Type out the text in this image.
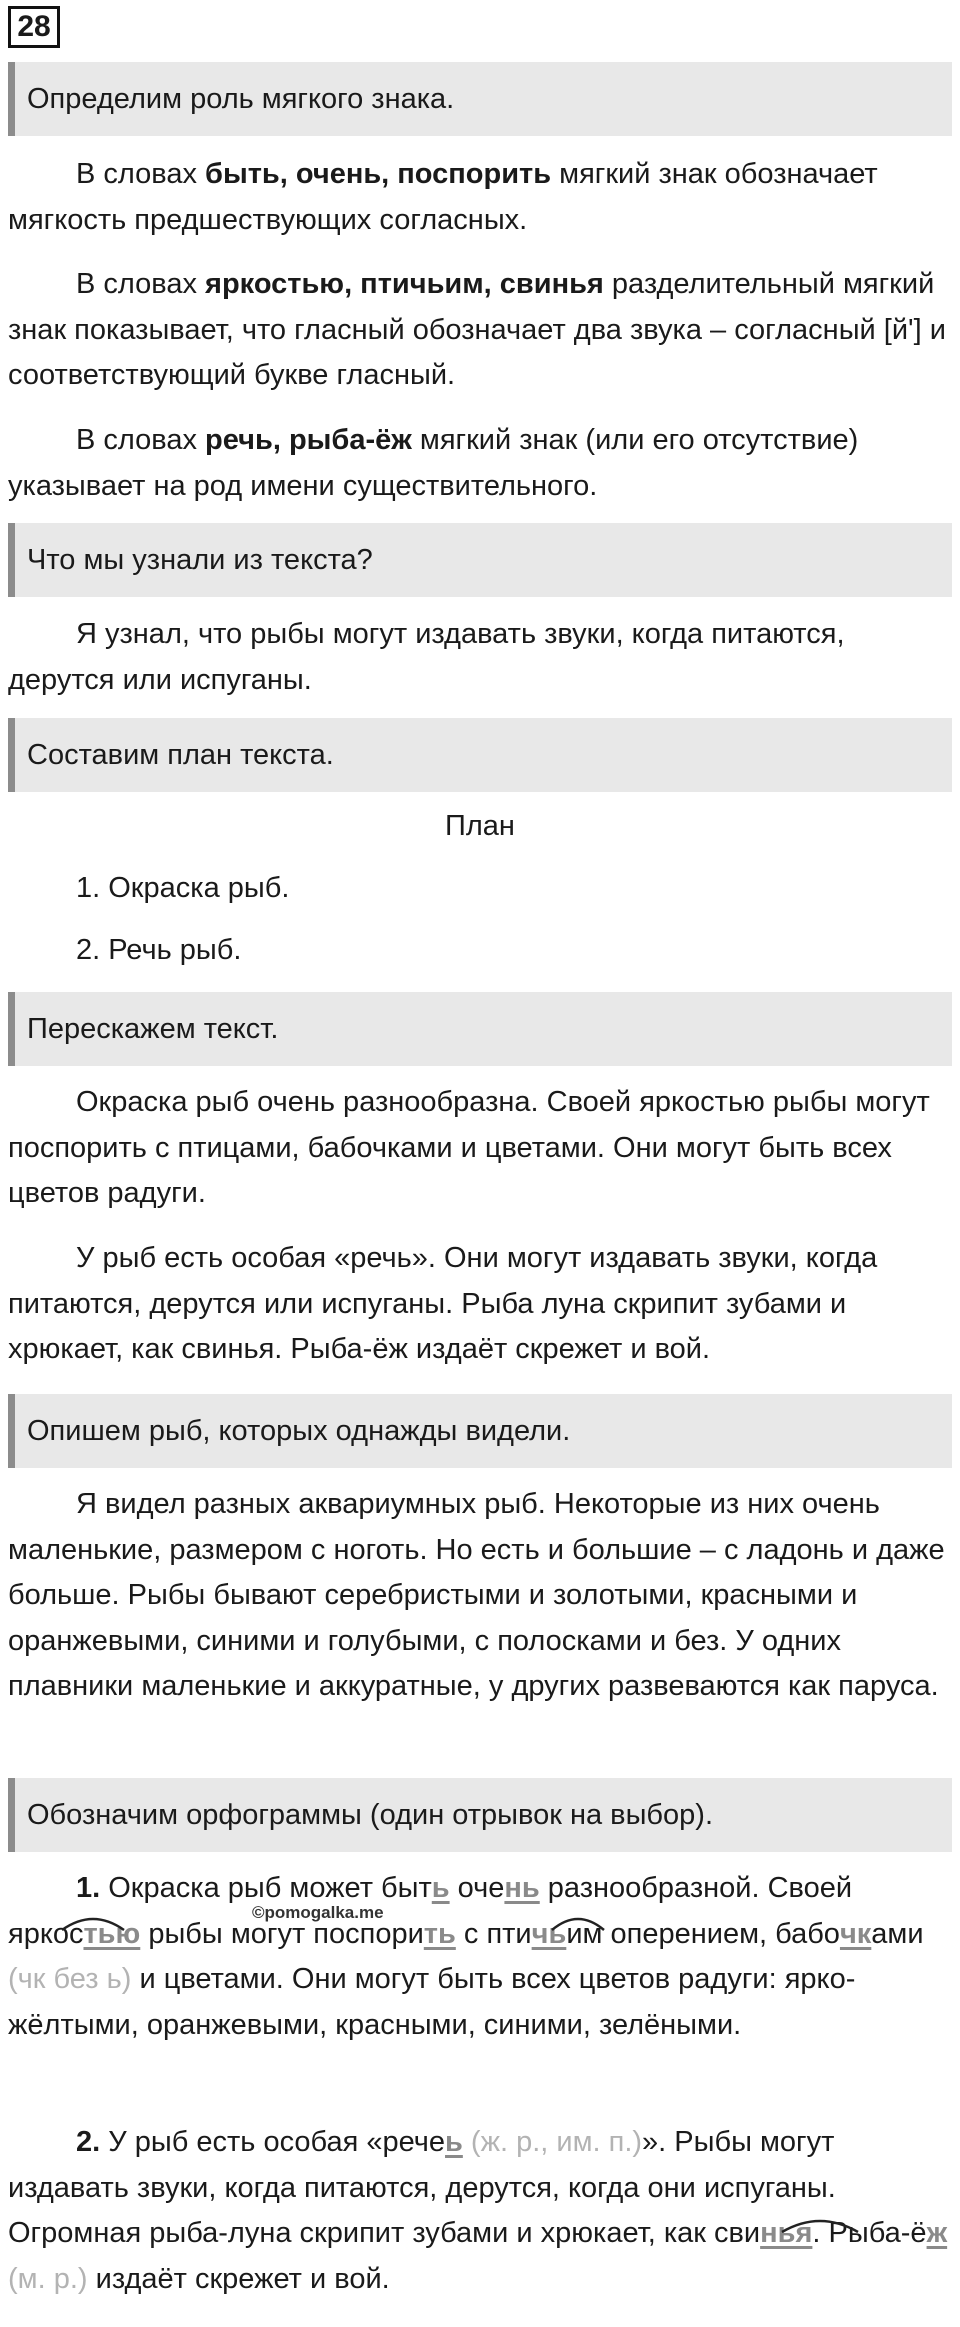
28
Определим роль мягкого знака.
В словах быть, очень, поспорить мягкий знак обозначает мягкость предшествующих согласных.
В словах яркостью, птичьим, свинья разделительный мягкий знак показывает, что гласный обозначает два звука – согласный [й'] и соответствующий букве гласный.
В словах речь, рыба-ёж мягкий знак (или его отсутствие) указывает на род имени существительного.
Что мы узнали из текста?
Я узнал, что рыбы могут издавать звуки, когда питаются, дерутся или испуганы.
Составим план текста.
План
1. Окраска рыб.
2. Речь рыб.
Перескажем текст.
Окраска рыб очень разнообразна. Своей яркостью рыбы могут поспорить с птицами, бабочками и цветами. Они могут быть всех цветов радуги.
У рыб есть особая «речь». Они могут издавать звуки, когда питаются, дерутся или испуганы. Рыба луна скрипит зубами и хрюкает, как свинья. Рыба-ёж издаёт скрежет и вой.
Опишем рыб, которых однажды видели.
Я видел разных аквариумных рыб. Некоторые из них очень маленькие, размером с ноготь. Но есть и большие – с ладонь и даже больше. Рыбы бывают серебристыми и золотыми, красными и оранжевыми, синими и голубыми, с полосками и без. У одних плавники маленькие и аккуратные, у других развеваются как паруса.
Обозначим орфограммы (один отрывок на выбор).
1. Окраска рыб может быть очень разнообразной. Своей яркостью рыбы могут поспорить с птичьим оперением, бабочками (чк без ь) и цветами. Они могут быть всех цветов радуги: ярко-жёлтыми, оранжевыми, красными, синими, зелёными.
©pomogalka.me
2. У рыб есть особая «речеь (ж. р., им. п.)». Рыбы могут издавать звуки, когда питаются, дерутся, когда они испуганы. Огромная рыба-луна скрипит зубами и хрюкает, как свинья. Рыба-ёж (м. р.) издаёт скрежет и вой.
